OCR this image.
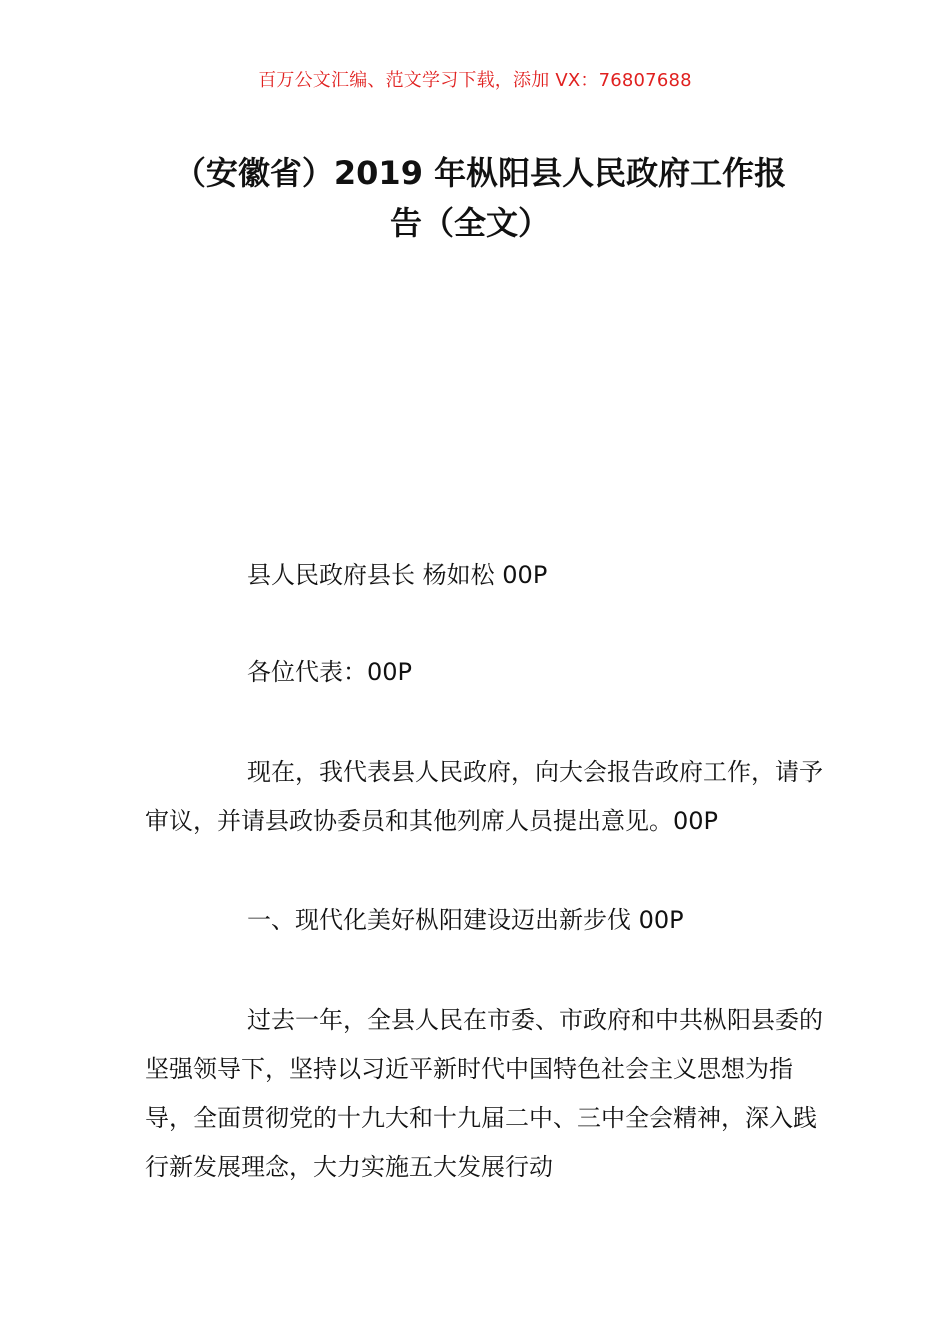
百万公文汇编、范文学习下载，添加 VX：76807688
（安徽省）2019 年枞阳县人民政府工作报
告（全文）

县人民政府县长 杨如松 00P

各位代表：00P

现在，我代表县人民政府，向大会报告政府工作，请予审议，并请县政协委员和其他列席人员提出意见。00P

一、现代化美好枞阳建设迈出新步伐 00P

过去一年，全县人民在市委、市政府和中共枞阳县委的坚强领导下，坚持以习近平新时代中国特色社会主义思想为指导，全面贯彻党的十九大和十九届二中、三中全会精神，深入践行新发展理念，大力实施五大发展行动
